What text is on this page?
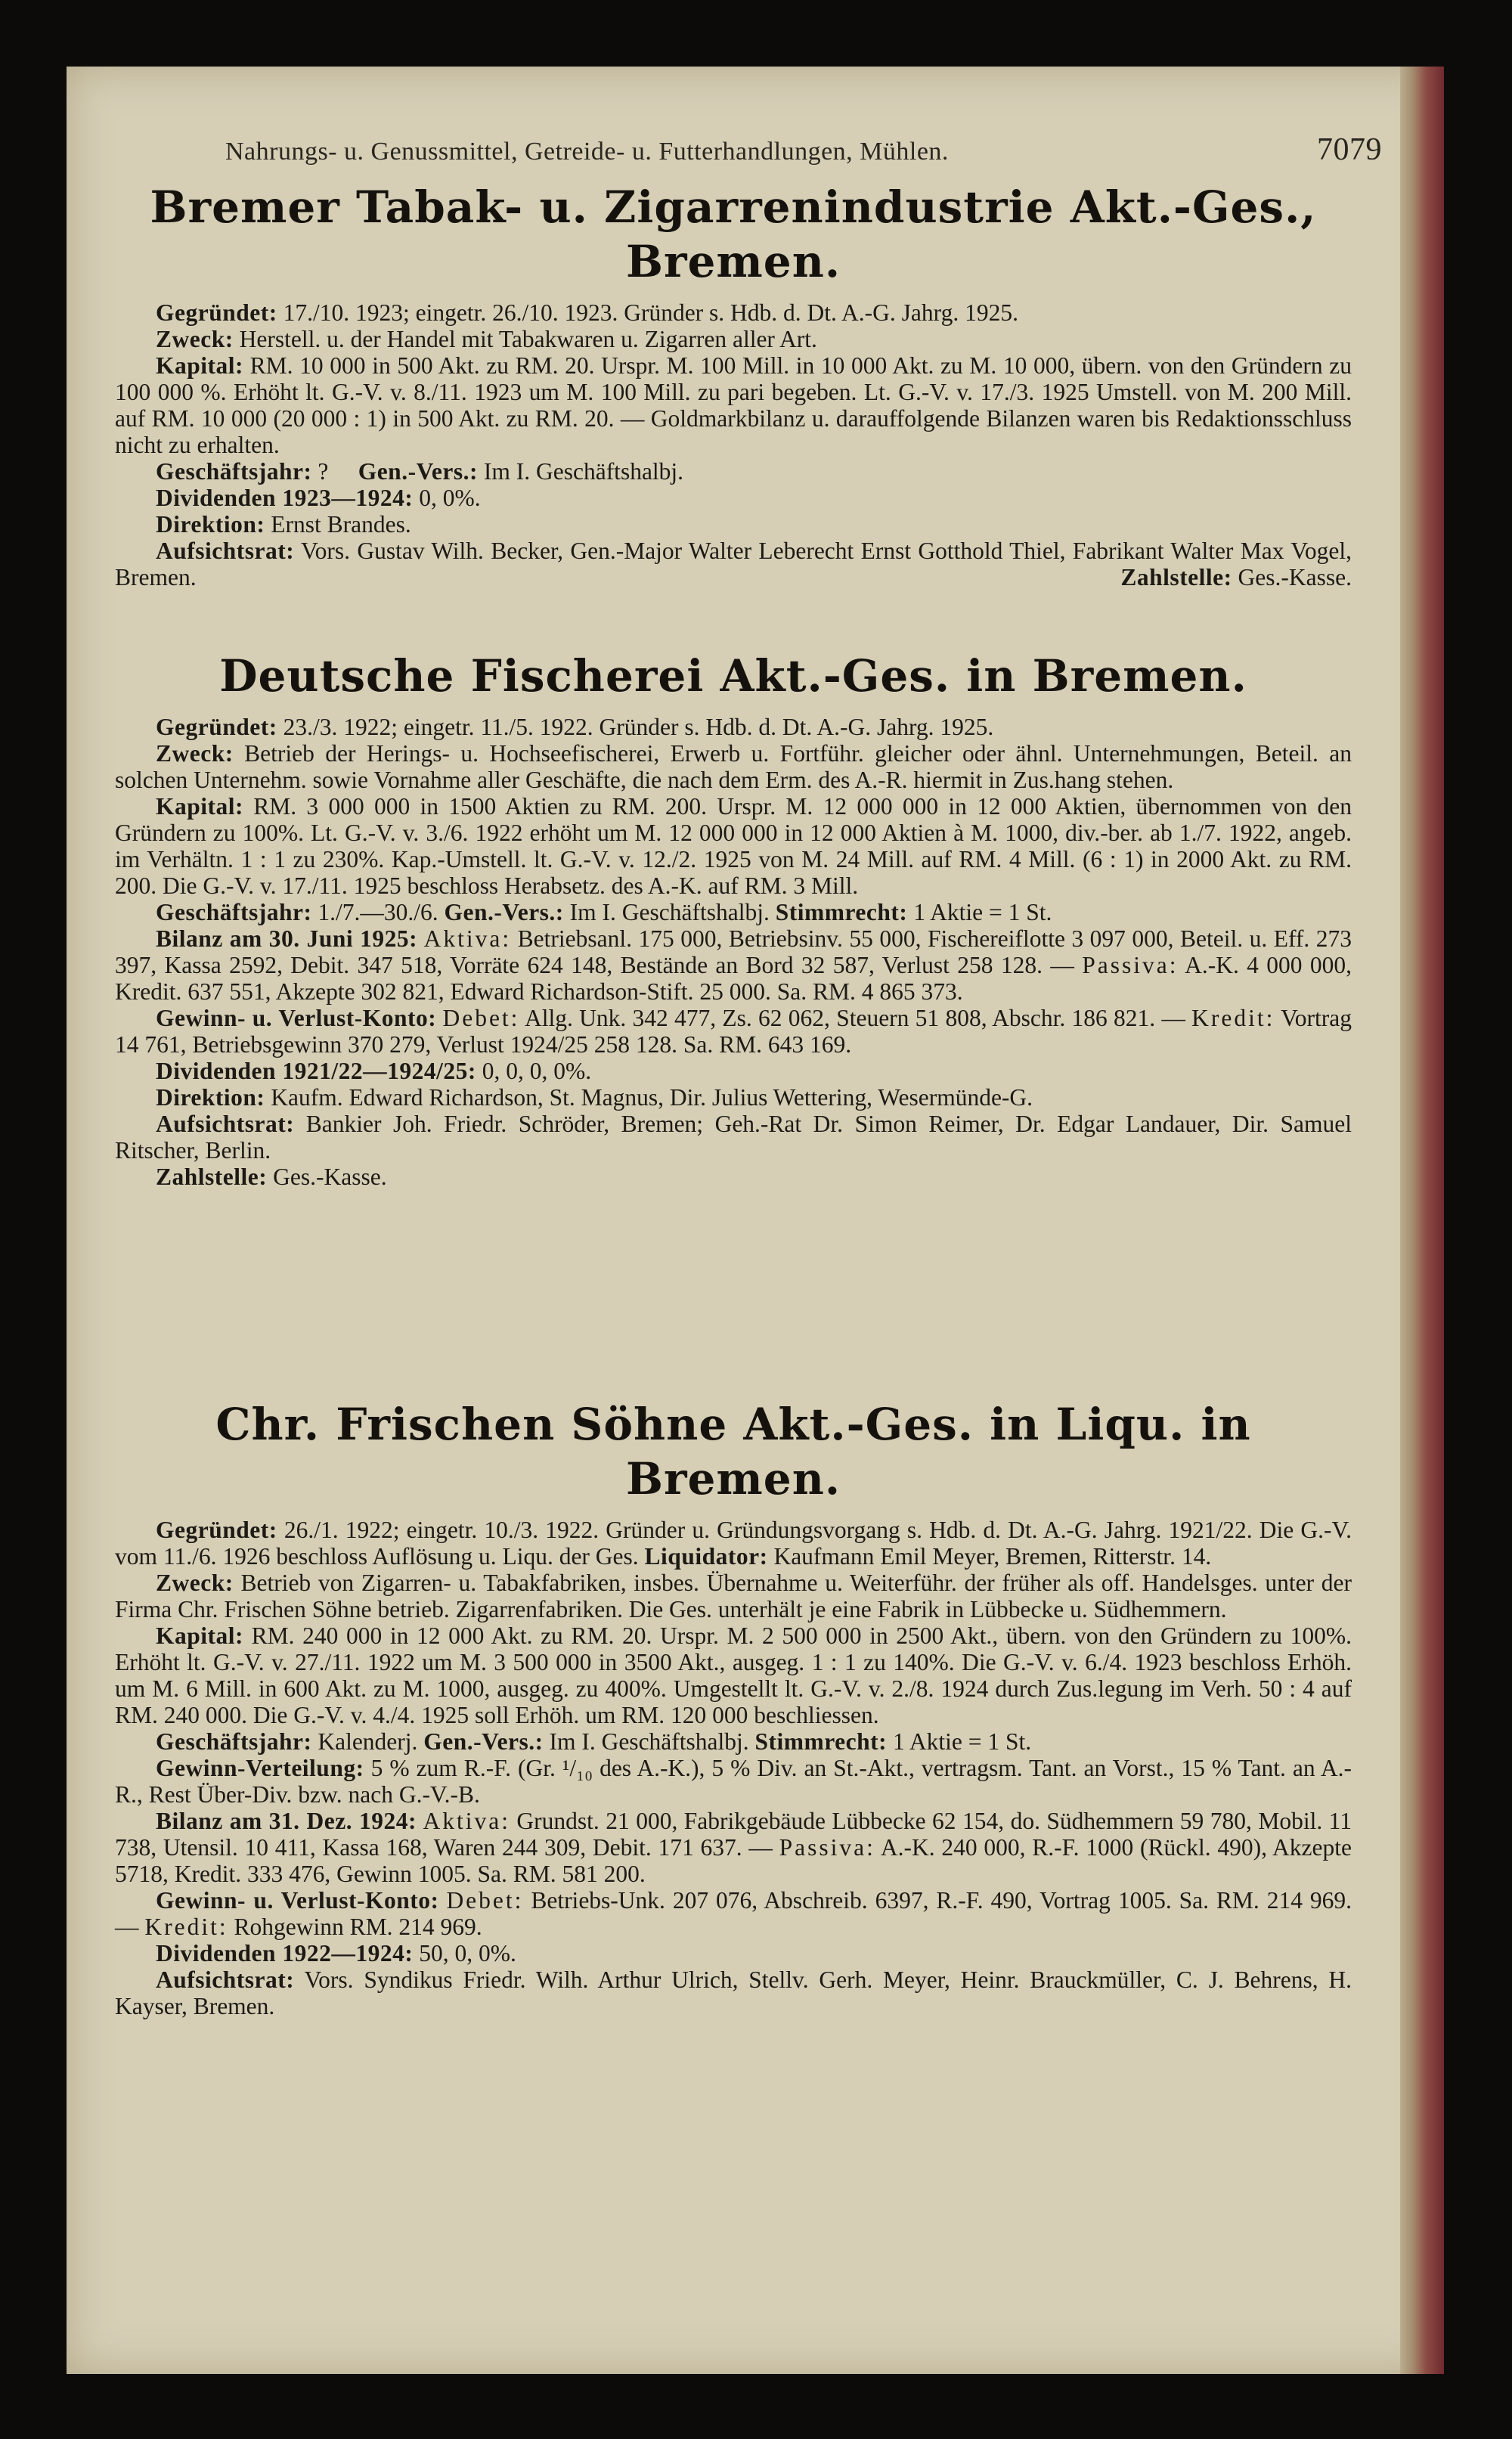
Nahrungs- u. Genussmittel, Getreide- u. Futterhandlungen, Mühlen.	7079
Bremer Tabak- u. Zigarrenindustrie Akt.-Ges., Bremen.

Gegründet: 17./10. 1923; eingetr. 26./10. 1923. Gründer s. Hdb. d. Dt. A.-G. Jahrg. 1925.

Zweck: Herstell. u. der Handel mit Tabakwaren u. Zigarren aller Art.

Kapital: RM. 10 000 in 500 Akt. zu RM. 20. Urspr. M. 100 Mill. in 10 000 Akt. zu M. 10 000, übern. von den Gründern zu 100 000 %. Erhöht lt. G.-V. v. 8./11. 1923 um M. 100 Mill. zu pari begeben. Lt. G.-V. v. 17./3. 1925 Umstell. von M. 200 Mill. auf RM. 10 000 (20 000 : 1) in 500 Akt. zu RM. 20. — Goldmarkbilanz u. darauffolgende Bilanzen waren bis Redaktionsschluss nicht zu erhalten.

Geschäftsjahr: ? Gen.-Vers.: Im I. Geschäftshalbj.

Dividenden 1923—1924: 0, 0%.

Direktion: Ernst Brandes.

Aufsichtsrat: Vors. Gustav Wilh. Becker, Gen.-Major Walter Leberecht Ernst Gotthold Thiel, Fabrikant Walter Max Vogel, Bremen.	Zahlstelle: Ges.-Kasse.

Deutsche Fischerei Akt.-Ges. in Bremen.

Gegründet: 23./3. 1922; eingetr. 11./5. 1922. Gründer s. Hdb. d. Dt. A.-G. Jahrg. 1925.

Zweck: Betrieb der Herings- u. Hochseefischerei, Erwerb u. Fortführ. gleicher oder ähnl. Unternehmungen, Beteil. an solchen Unternehm. sowie Vornahme aller Geschäfte, die nach dem Erm. des A.-R. hiermit in Zus.hang stehen.

Kapital: RM. 3 000 000 in 1500 Aktien zu RM. 200. Urspr. M. 12 000 000 in 12 000 Aktien, übernommen von den Gründern zu 100%. Lt. G.-V. v. 3./6. 1922 erhöht um M. 12 000 000 in 12 000 Aktien à M. 1000, div.-ber. ab 1./7. 1922, angeb. im Verhältn. 1 : 1 zu 230%. Kap.-Umstell. lt. G.-V. v. 12./2. 1925 von M. 24 Mill. auf RM. 4 Mill. (6 : 1) in 2000 Akt. zu RM. 200. Die G.-V. v. 17./11. 1925 beschloss Herabsetz. des A.-K. auf RM. 3 Mill.

Geschäftsjahr: 1./7.—30./6. Gen.-Vers.: Im I. Geschäftshalbj. Stimmrecht: 1 Aktie = 1 St.

Bilanz am 30. Juni 1925: Aktiva: Betriebsanl. 175 000, Betriebsinv. 55 000, Fischereiflotte 3 097 000, Beteil. u. Eff. 273 397, Kassa 2592, Debit. 347 518, Vorräte 624 148, Bestände an Bord 32 587, Verlust 258 128. — Passiva: A.-K. 4 000 000, Kredit. 637 551, Akzepte 302 821, Edward Richardson-Stift. 25 000. Sa. RM. 4 865 373.

Gewinn- u. Verlust-Konto: Debet: Allg. Unk. 342 477, Zs. 62 062, Steuern 51 808, Abschr. 186 821. — Kredit: Vortrag 14 761, Betriebsgewinn 370 279, Verlust 1924/25 258 128. Sa. RM. 643 169.

Dividenden 1921/22—1924/25: 0, 0, 0, 0%.

Direktion: Kaufm. Edward Richardson, St. Magnus, Dir. Julius Wettering, Wesermünde-G.

Aufsichtsrat: Bankier Joh. Friedr. Schröder, Bremen; Geh.-Rat Dr. Simon Reimer, Dr. Edgar Landauer, Dir. Samuel Ritscher, Berlin.

Zahlstelle: Ges.-Kasse.

Chr. Frischen Söhne Akt.-Ges. in Liqu. in Bremen.

Gegründet: 26./1. 1922; eingetr. 10./3. 1922. Gründer u. Gründungsvorgang s. Hdb. d. Dt. A.-G. Jahrg. 1921/22. Die G.-V. vom 11./6. 1926 beschloss Auflösung u. Liqu. der Ges. Liquidator: Kaufmann Emil Meyer, Bremen, Ritterstr. 14.

Zweck: Betrieb von Zigarren- u. Tabakfabriken, insbes. Übernahme u. Weiterführ. der früher als off. Handelsges. unter der Firma Chr. Frischen Söhne betrieb. Zigarrenfabriken. Die Ges. unterhält je eine Fabrik in Lübbecke u. Südhemmern.

Kapital: RM. 240 000 in 12 000 Akt. zu RM. 20. Urspr. M. 2 500 000 in 2500 Akt., übern. von den Gründern zu 100%. Erhöht lt. G.-V. v. 27./11. 1922 um M. 3 500 000 in 3500 Akt., ausgeg. 1 : 1 zu 140%. Die G.-V. v. 6./4. 1923 beschloss Erhöh. um M. 6 Mill. in 600 Akt. zu M. 1000, ausgeg. zu 400%. Umgestellt lt. G.-V. v. 2./8. 1924 durch Zus.legung im Verh. 50 : 4 auf RM. 240 000. Die G.-V. v. 4./4. 1925 soll Erhöh. um RM. 120 000 beschliessen.

Geschäftsjahr: Kalenderj. Gen.-Vers.: Im I. Geschäftshalbj. Stimmrecht: 1 Aktie = 1 St.

Gewinn-Verteilung: 5 % zum R.-F. (Gr. ¹/₁₀ des A.-K.), 5 % Div. an St.-Akt., vertragsm. Tant. an Vorst., 15 % Tant. an A.-R., Rest Über-Div. bzw. nach G.-V.-B.

Bilanz am 31. Dez. 1924: Aktiva: Grundst. 21 000, Fabrikgebäude Lübbecke 62 154, do. Südhemmern 59 780, Mobil. 11 738, Utensil. 10 411, Kassa 168, Waren 244 309, Debit. 171 637. — Passiva: A.-K. 240 000, R.-F. 1000 (Rückl. 490), Akzepte 5718, Kredit. 333 476, Gewinn 1005. Sa. RM. 581 200.

Gewinn- u. Verlust-Konto: Debet: Betriebs-Unk. 207 076, Abschreib. 6397, R.-F. 490, Vortrag 1005. Sa. RM. 214 969. — Kredit: Rohgewinn RM. 214 969.

Dividenden 1922—1924: 50, 0, 0%.

Aufsichtsrat: Vors. Syndikus Friedr. Wilh. Arthur Ulrich, Stellv. Gerh. Meyer, Heinr. Brauckmüller, C. J. Behrens, H. Kayser, Bremen.
